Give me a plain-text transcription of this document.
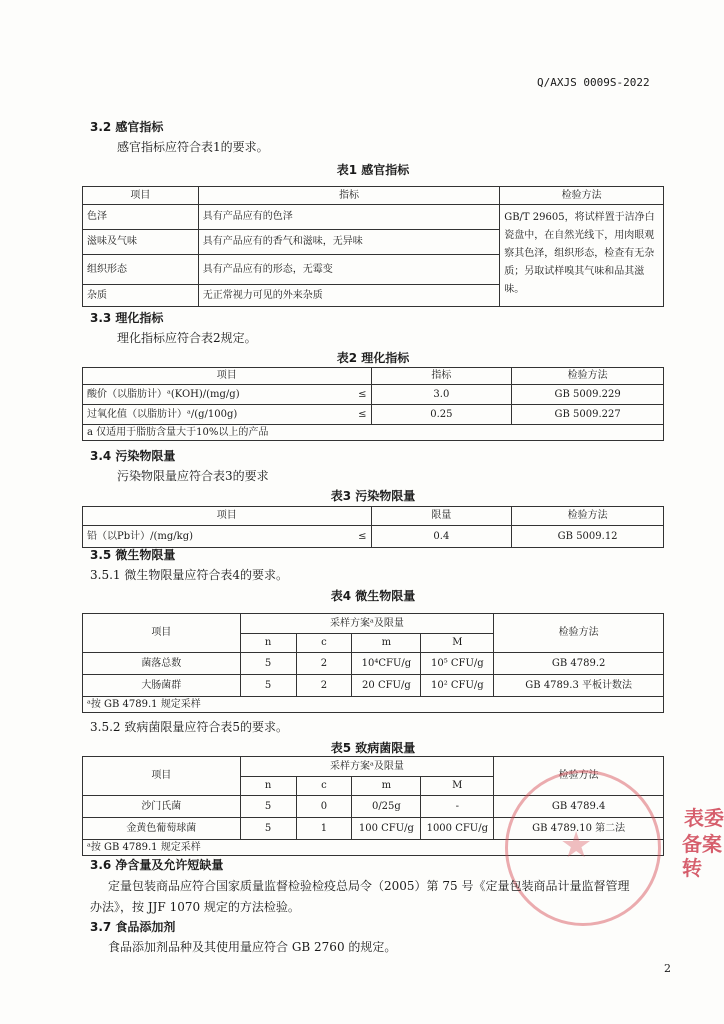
Q/AXJS 0009S-2022
3.2 感官指标
感官指标应符合表1的要求。
表1 感官指标
项目	指标	检验方法
色泽	具有产品应有的色泽	GB/T 29605，将试样置于洁净白瓷盘中，在自然光线下，用肉眼观察其色泽，组织形态，检查有无杂质；另取试样嗅其气味和品其滋味。
滋味及气味	具有产品应有的香气和滋味，无异味	
组织形态	具有产品应有的形态，无霉变	
杂质	无正常视力可见的外来杂质	
3.3 理化指标
理化指标应符合表2规定。
表2 理化指标
项目		指标	检验方法
酸价（以脂肪计）ᵃ(KOH)/(mg/g)	≤	3.0	GB 5009.229
过氧化值（以脂肪计）ᵃ/(g/100g)	≤	0.25	GB 5009.227
a 仅适用于脂肪含量大于10%以上的产品			
3.4 污染物限量
污染物限量应符合表3的要求
表3 污染物限量
项目		限量	检验方法
铅（以Pb计）/(mg/kg)	≤	0.4	GB 5009.12
3.5 微生物限量
3.5.1 微生物限量应符合表4的要求。
表4 微生物限量
项目	采样方案ᵃ及限量				检验方法
	n	c	m	M	
菌落总数	5	2	10⁴CFU/g	10⁵ CFU/g	GB 4789.2
大肠菌群	5	2	20 CFU/g	10² CFU/g	GB 4789.3 平板计数法
ᵃ按 GB 4789.1 规定采样					
3.5.2 致病菌限量应符合表5的要求。
表5 致病菌限量
项目	采样方案ᵃ及限量				检验方法
	n	c	m	M	
沙门氏菌	5	0	0/25g	-	GB 4789.4
金黄色葡萄球菌	5	1	100 CFU/g	1000 CFU/g	GB 4789.10 第二法
ᵃ按 GB 4789.1 规定采样						★
表委
备案转
3.6 净含量及允许短缺量
定量包装商品应符合国家质量监督检验检疫总局令（2005）第 75 号《定量包装商品计量监督管理
办法》，按 JJF 1070 规定的方法检验。
3.7 食品添加剂
食品添加剂品种及其使用量应符合 GB 2760 的规定。
2
